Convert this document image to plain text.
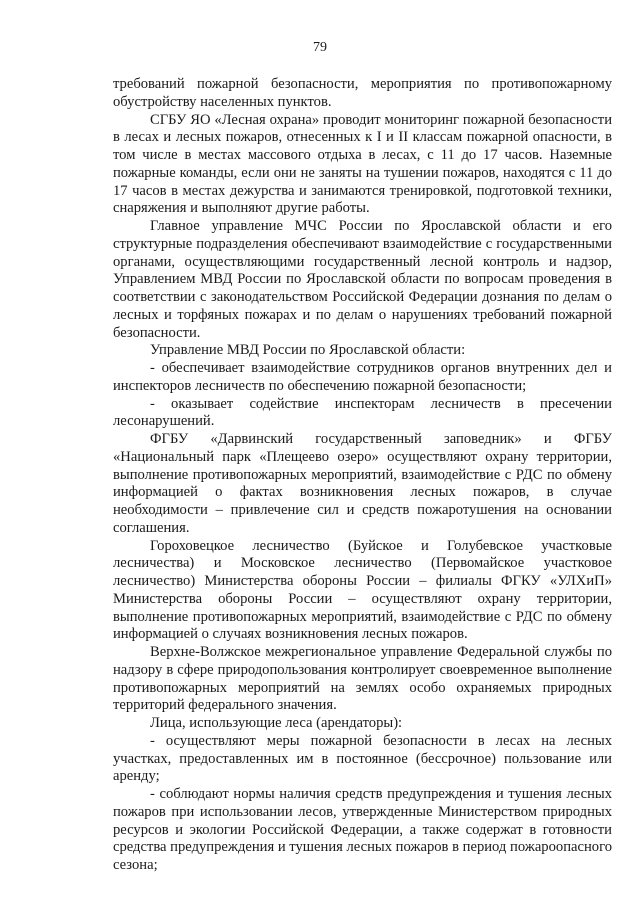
79

требований пожарной безопасности, мероприятия по противопожарному обустройству населенных пунктов.

СГБУ ЯО «Лесная охрана» проводит мониторинг пожарной безопасности в лесах и лесных пожаров, отнесенных к I и II классам пожарной опасности, в том числе в местах массового отдыха в лесах, с 11 до 17 часов. Наземные пожарные команды, если они не заняты на тушении пожаров, находятся с 11 до 17 часов в местах дежурства и занимаются тренировкой, подготовкой техники, снаряжения и выполняют другие работы.

Главное управление МЧС России по Ярославской области и его структурные подразделения обеспечивают взаимодействие с государственными органами, осуществляющими государственный лесной контроль и надзор, Управлением МВД России по Ярославской области по вопросам проведения в соответствии с законодательством Российской Федерации дознания по делам о лесных и торфяных пожарах и по делам о нарушениях требований пожарной безопасности.

Управление МВД России по Ярославской области:

- обеспечивает взаимодействие сотрудников органов внутренних дел и инспекторов лесничеств по обеспечению пожарной безопасности;

- оказывает содействие инспекторам лесничеств в пресечении лесонарушений.

ФГБУ «Дарвинский государственный заповедник» и ФГБУ «Национальный парк «Плещеево озеро» осуществляют охрану территории, выполнение противопожарных мероприятий, взаимодействие с РДС по обмену информацией о фактах возникновения лесных пожаров, в случае необходимости – привлечение сил и средств пожаротушения на основании соглашения.

Гороховецкое лесничество (Буйское и Голубевское участковые лесничества) и Московское лесничество (Первомайское участковое лесничество) Министерства обороны России – филиалы ФГКУ «УЛХиП» Министерства обороны России – осуществляют охрану территории, выполнение противопожарных мероприятий, взаимодействие с РДС по обмену информацией о случаях возникновения лесных пожаров.

Верхне-Волжское межрегиональное управление Федеральной службы по надзору в сфере природопользования контролирует своевременное выполнение противопожарных мероприятий на землях особо охраняемых природных территорий федерального значения.

Лица, использующие леса (арендаторы):

- осуществляют меры пожарной безопасности в лесах на лесных участках, предоставленных им в постоянное (бессрочное) пользование или аренду;

- соблюдают нормы наличия средств предупреждения и тушения лесных пожаров при использовании лесов, утвержденные Министерством природных ресурсов и экологии Российской Федерации, а также содержат в готовности средства предупреждения и тушения лесных пожаров в период пожароопасного сезона;
